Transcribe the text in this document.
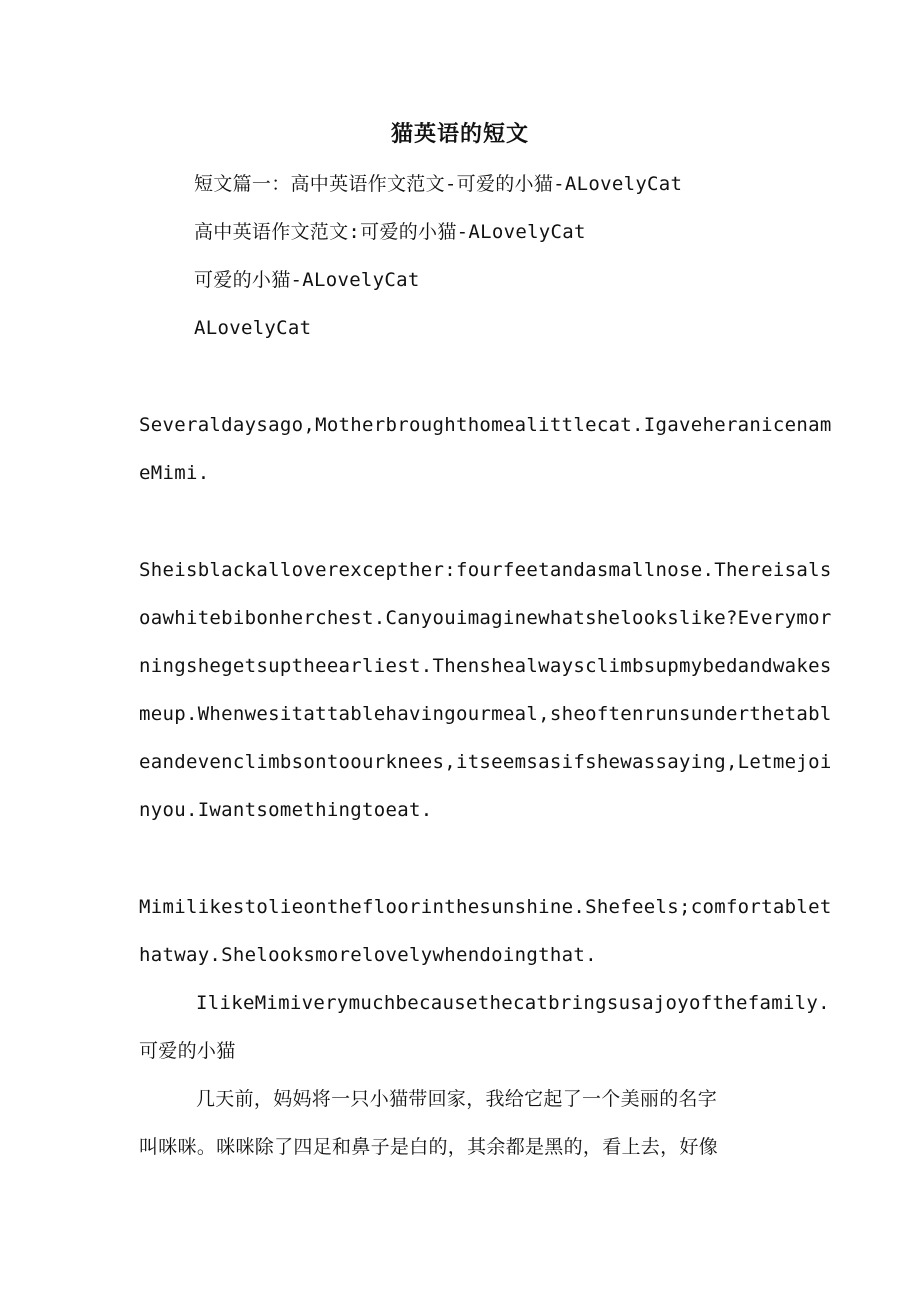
猫英语的短文
短文篇一：高中英语作文范文-可爱的小猫-ALovelyCat
高中英语作文范文:可爱的小猫-ALovelyCat
可爱的小猫-ALovelyCat
ALovelyCat
Severaldaysago,Motherbroughthomealittlecat.Igaveheranicenam
eMimi.
Sheisblackalloverexcepther:fourfeetandasmallnose.Thereisals
oawhitebibonherchest.Canyouimaginewhatshelookslike?Everymor
ningshegetsuptheearliest.Thenshealwaysclimbsupmybedandwakes
meup.Whenwesitattablehavingourmeal,sheoftenrunsunderthetabl
eandevenclimbsontoourknees,itseemsasifshewassaying,Letmejoi
nyou.Iwantsomethingtoeat.
Mimilikestolieonthefloorinthesunshine.Shefeels;comfortablet
hatway.Shelooksmorelovelywhendoingthat.
IlikeMimiverymuchbecausethecatbringsusajoyofthefamily.
可爱的小猫
几天前，妈妈将一只小猫带回家，我给它起了一个美丽的名字
叫咪咪。咪咪除了四足和鼻子是白的，其余都是黑的，看上去，好像
